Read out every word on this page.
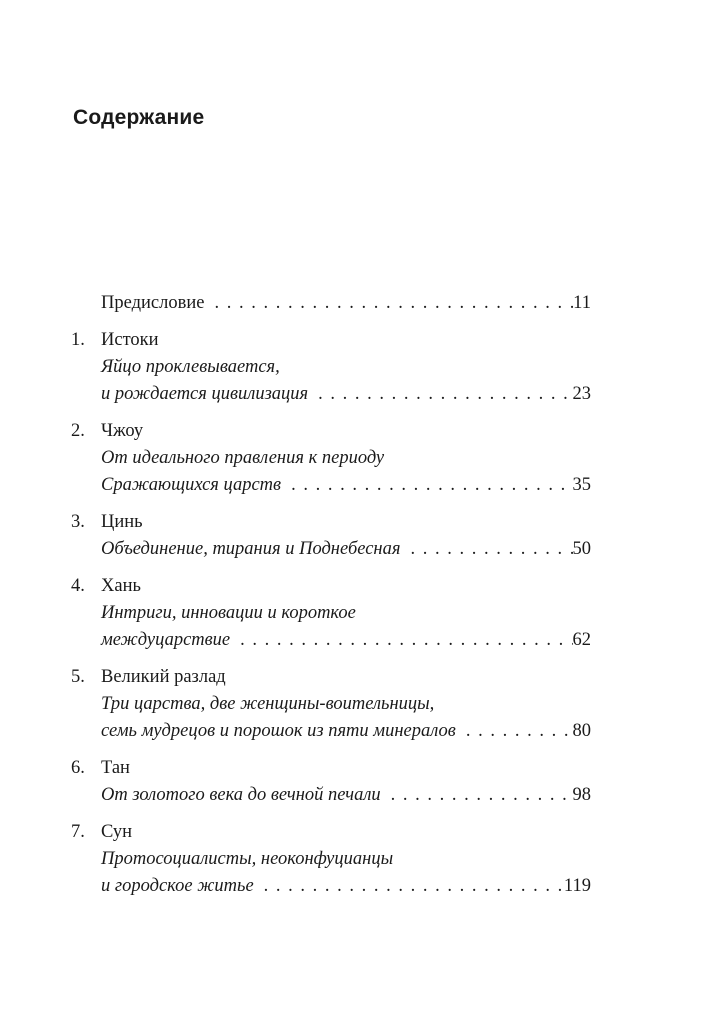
Содержание
Предисловие . . .	11
1. Истоки
Яйцо проклевывается,
и рождается цивилизация . . .	23
2. Чжоу
От идеального правления к периоду
Сражающихся царств . . .	35
3. Цинь
Объединение, тирания и Поднебесная . . .	50
4. Хань
Интриги, инновации и короткое
междуцарствие . . .	62
5. Великий разлад
Три царства, две женщины-воительницы,
семь мудрецов и порошок из пяти минералов . . .	80
6. Тан
От золотого века до вечной печали . . .	98
7. Сун
Протосоциалисты, неоконфуцианцы
и городское житье . . .	119
